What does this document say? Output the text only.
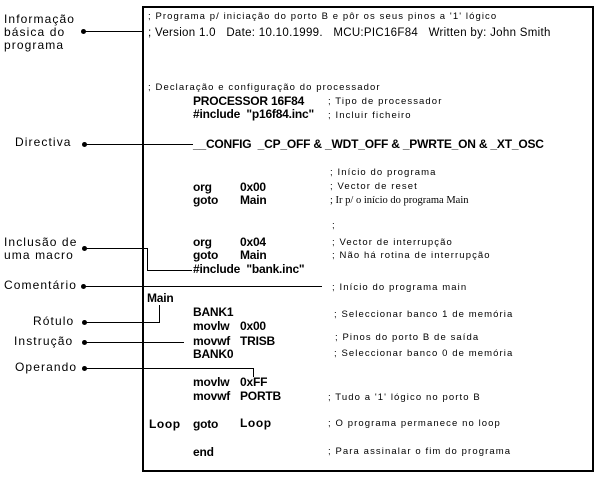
Informação
básica do
programa
Directiva
Inclusão de
uma macro
Comentário
Rótulo
Instrução
Operando
; Programa p/ iniciação do porto B e pôr os seus pinos a '1' lógico
; Version 1.0   Date: 10.10.1999.   MCU:PIC16F84   Written by: John Smith
; Declaração e configuração do processador
PROCESSOR 16F84	; Tipo de processador
#include  "p16f84.inc" ; Incluir ficheiro
__CONFIG  _CP_OFF & _WDT_OFF & _PWRTE_ON & _XT_OSC
; Início do programa
org 0x00	; Vector de reset
goto Main	; Ir p/ o início do programa Main
;
org 0x04	; Vector de interrupção
goto Main	; Não há rotina de interrupção
#include  "bank.inc"
; Início do programa main
Main
BANK1	; Seleccionar banco 1 de memória
movlw 0x00
movwf TRISB	; Pinos do porto B de saída
BANK0	; Seleccionar banco 0 de memória
movlw 0xFF
movwf PORTB	; Tudo a '1' lógico no porto B
Loop goto Loop	; O programa permanece no loop
end	; Para assinalar o fim do programa
